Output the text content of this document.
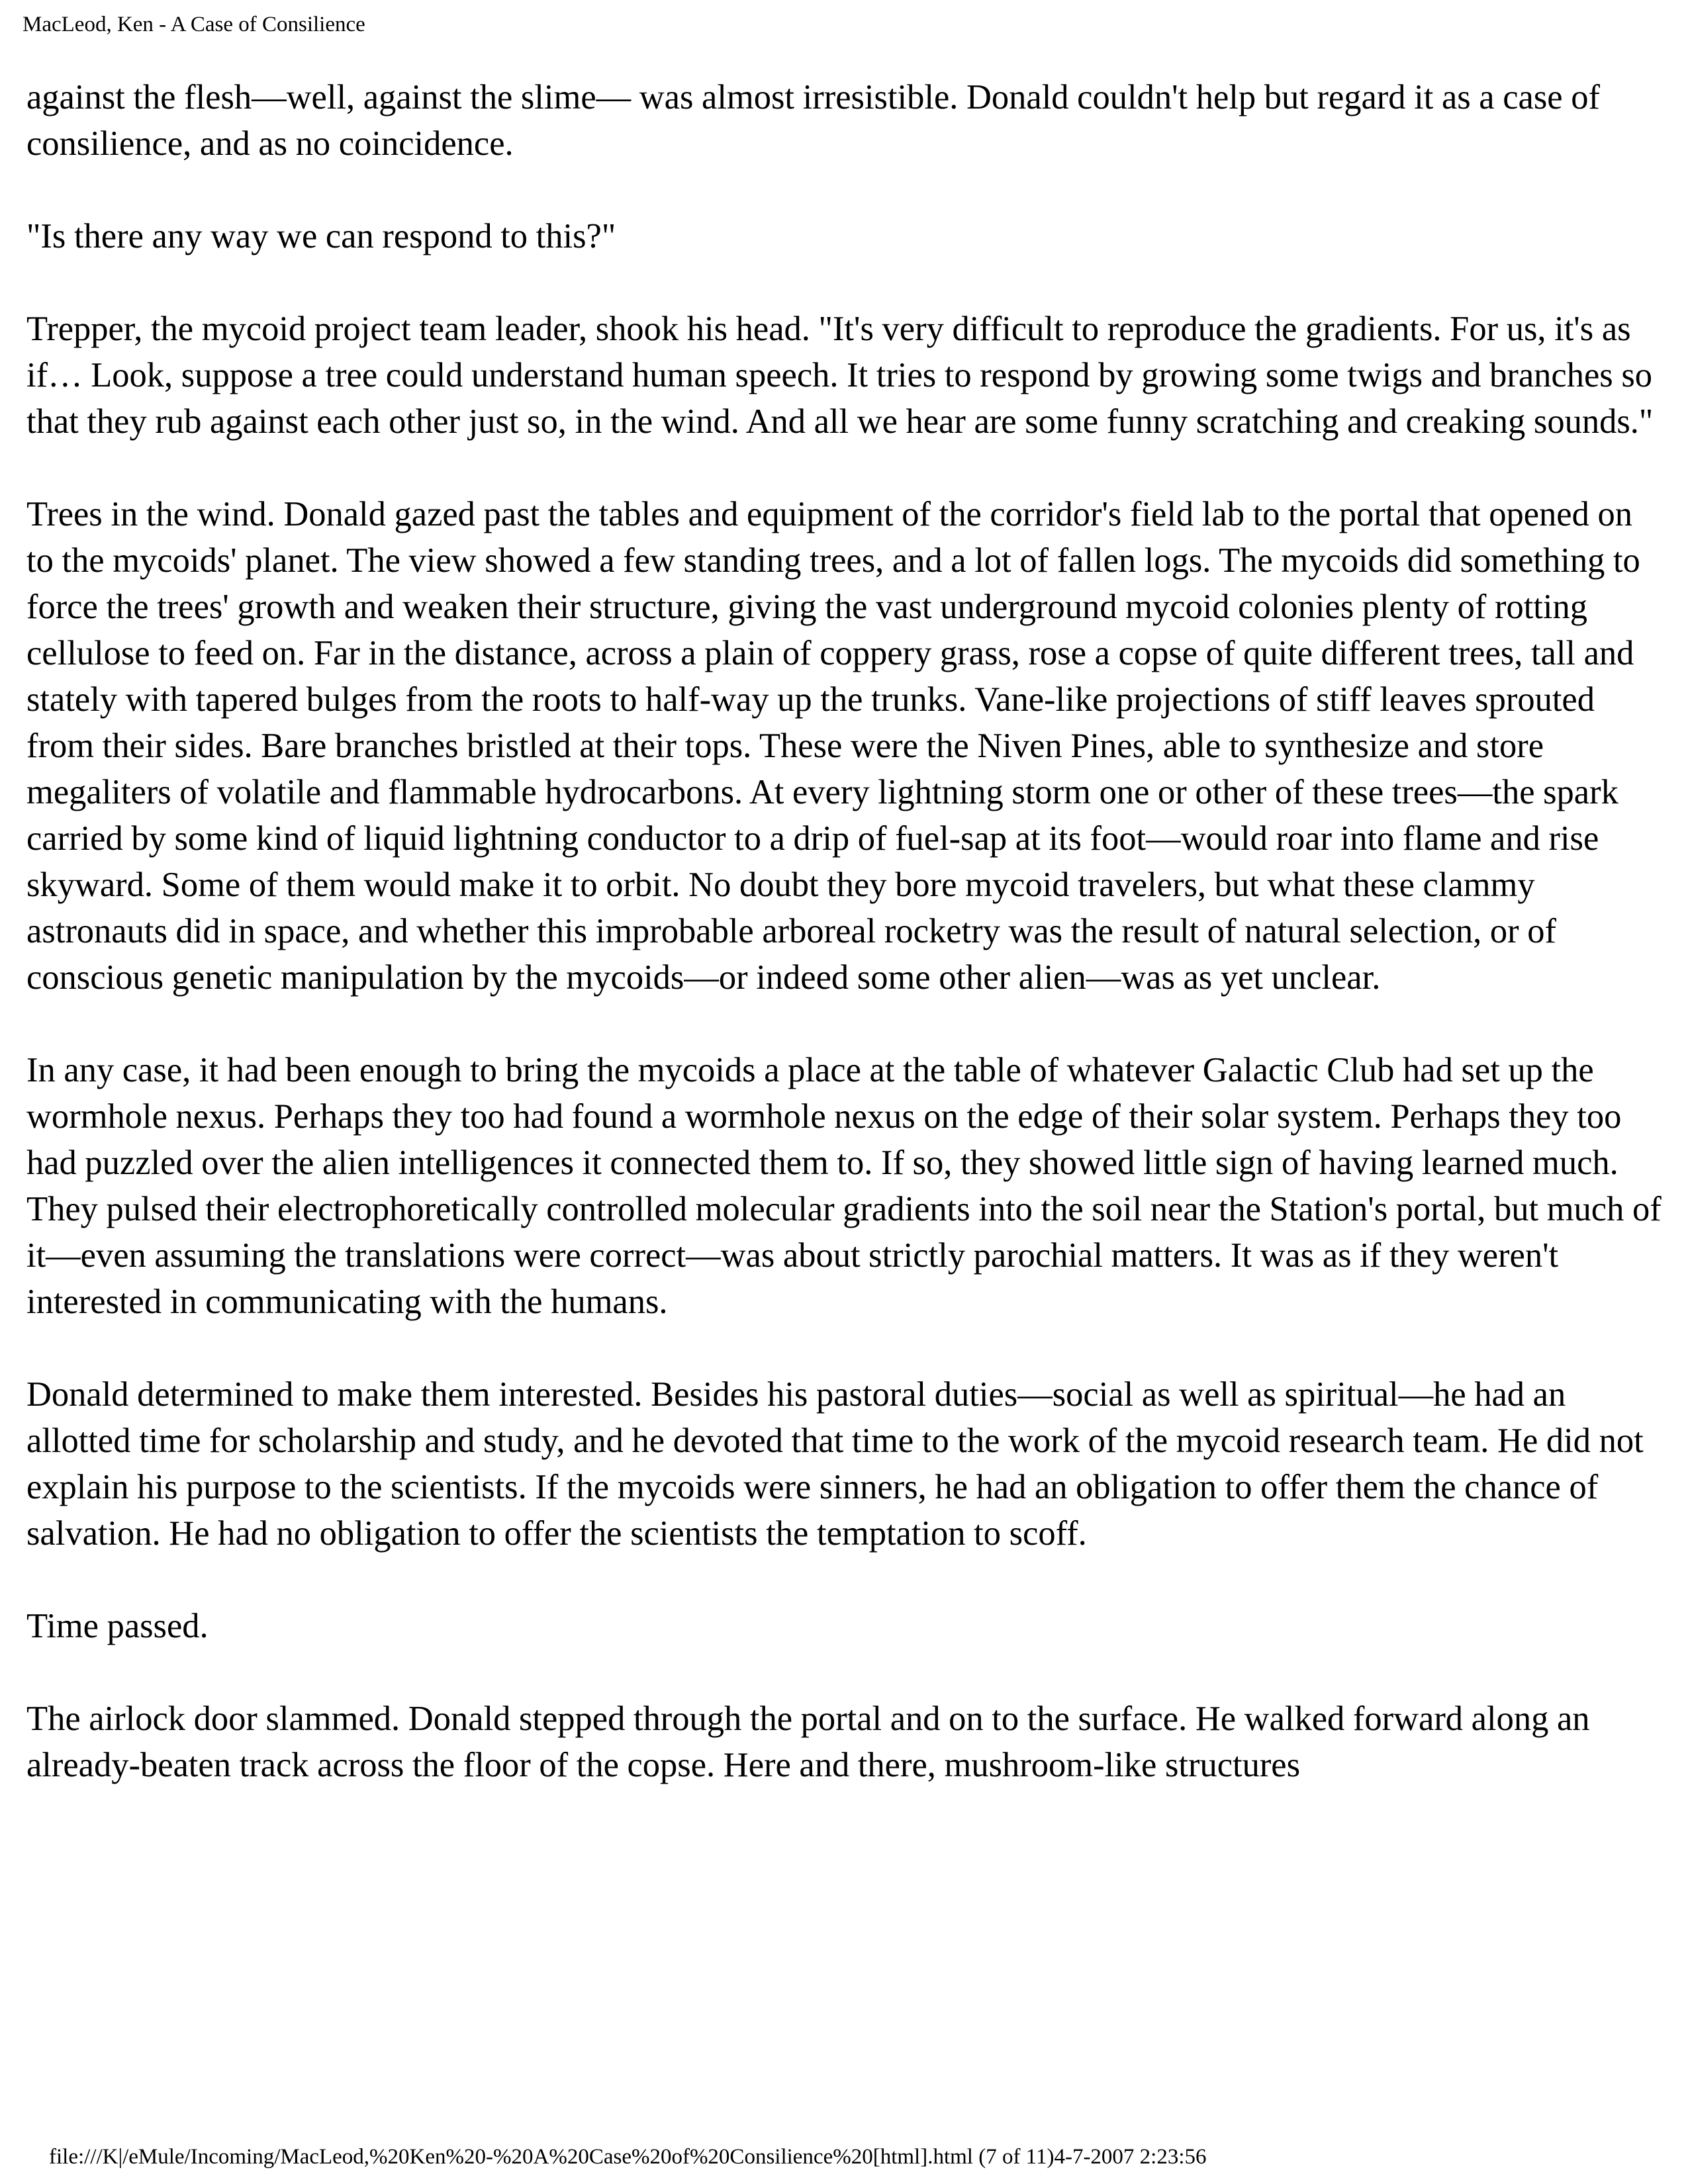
MacLeod, Ken - A Case of Consilience

against the flesh—well, against the slime— was almost irresistible. Donald couldn't help but regard it as a case of consilience, and as no coincidence.

"Is there any way we can respond to this?"

Trepper, the mycoid project team leader, shook his head. "It's very difficult to reproduce the gradients. For us, it's as if… Look, suppose a tree could understand human speech. It tries to respond by growing some twigs and branches so that they rub against each other just so, in the wind. And all we hear are some funny scratching and creaking sounds."

Trees in the wind. Donald gazed past the tables and equipment of the corridor's field lab to the portal that opened on to the mycoids' planet. The view showed a few standing trees, and a lot of fallen logs. The mycoids did something to force the trees' growth and weaken their structure, giving the vast underground mycoid colonies plenty of rotting cellulose to feed on. Far in the distance, across a plain of coppery grass, rose a copse of quite different trees, tall and stately with tapered bulges from the roots to half-way up the trunks. Vane-like projections of stiff leaves sprouted from their sides. Bare branches bristled at their tops. These were the Niven Pines, able to synthesize and store megaliters of volatile and flammable hydrocarbons. At every lightning storm one or other of these trees—the spark carried by some kind of liquid lightning conductor to a drip of fuel-sap at its foot—would roar into flame and rise skyward. Some of them would make it to orbit. No doubt they bore mycoid travelers, but what these clammy astronauts did in space, and whether this improbable arboreal rocketry was the result of natural selection, or of conscious genetic manipulation by the mycoids—or indeed some other alien—was as yet unclear.

In any case, it had been enough to bring the mycoids a place at the table of whatever Galactic Club had set up the wormhole nexus. Perhaps they too had found a wormhole nexus on the edge of their solar system. Perhaps they too had puzzled over the alien intelligences it connected them to. If so, they showed little sign of having learned much. They pulsed their electrophoretically controlled molecular gradients into the soil near the Station's portal, but much of it—even assuming the translations were correct—was about strictly parochial matters. It was as if they weren't interested in communicating with the humans.

Donald determined to make them interested. Besides his pastoral duties—social as well as spiritual—he had an allotted time for scholarship and study, and he devoted that time to the work of the mycoid research team. He did not explain his purpose to the scientists. If the mycoids were sinners, he had an obligation to offer them the chance of salvation. He had no obligation to offer the scientists the temptation to scoff.

Time passed.

The airlock door slammed. Donald stepped through the portal and on to the surface. He walked forward along an already-beaten track across the floor of the copse. Here and there, mushroom-like structures

file:///K|/eMule/Incoming/MacLeod,%20Ken%20-%20A%20Case%20of%20Consilience%20[html].html (7 of 11)4-7-2007 2:23:56
